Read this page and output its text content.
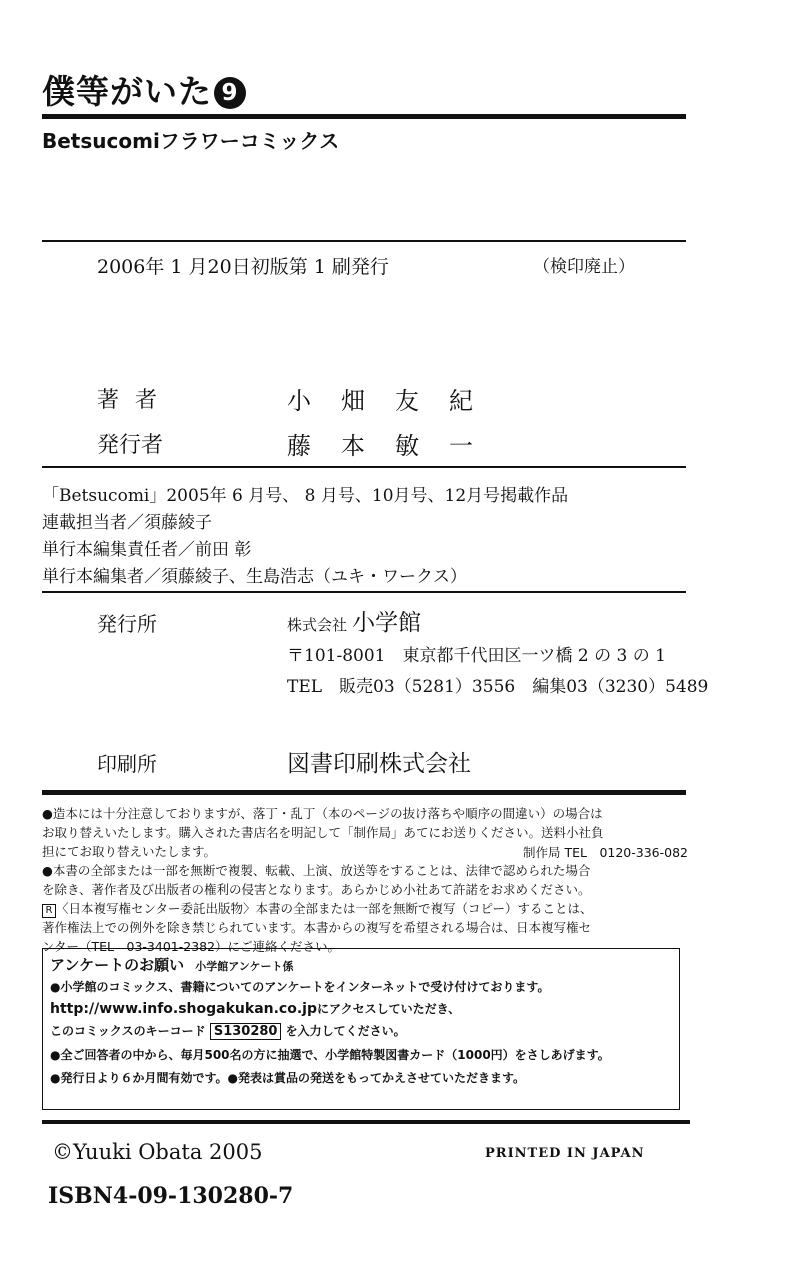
僕等がいた 9
Betsucomiフラワーコミックス
2006年 1 月20日初版第 1 刷発行	（検印廃止）
著者	小畑友紀
発行者	藤本敏一
「Betsucomi」2005年 6 月号、 8 月号、10月号、12月号掲載作品
連載担当者／須藤綾子
単行本編集責任者／前田 彰
単行本編集者／須藤綾子、生島浩志（ユキ・ワークス）
発行所	株式会社 小学館
〒101-8001　東京都千代田区一ツ橋 2 の 3 の 1
TEL　販売03（5281）3556　編集03（3230）5489
印刷所	図書印刷株式会社
●造本には十分注意しておりますが、落丁・乱丁（本のページの抜け落ちや順序の間違い）の場合は
お取り替えいたします。購入された書店名を明記して「制作局」あてにお送りください。送料小社負
担にてお取り替えいたします。	制作局 TEL　0120-336-082
●本書の全部または一部を無断で複製、転載、上演、放送等をすることは、法律で認められた場合
を除き、著作者及び出版者の権利の侵害となります。あらかじめ小社あて許諾をお求めください。
R 〈日本複写権センター委託出版物〉本書の全部または一部を無断で複写（コピー）することは、
著作権法上での例外を除き禁じられています。本書からの複写を希望される場合は、日本複写権セ
ンター（TEL　03-3401-2382）にご連絡ください。
アンケートのお願い 小学館アンケート係
●小学館のコミックス、書籍についてのアンケートをインターネットで受け付けております。
http://www.info.shogakukan.co.jpにアクセスしていただき、
このコミックスのキーコード S130280 を入力してください。
●全ご回答者の中から、毎月500名の方に抽選で、小学館特製図書カード（1000円）をさしあげます。
●発行日より６か月間有効です。●発表は賞品の発送をもってかえさせていただきます。
©Yuuki Obata 2005	PRINTED IN JAPAN
ISBN4-09-130280-7
